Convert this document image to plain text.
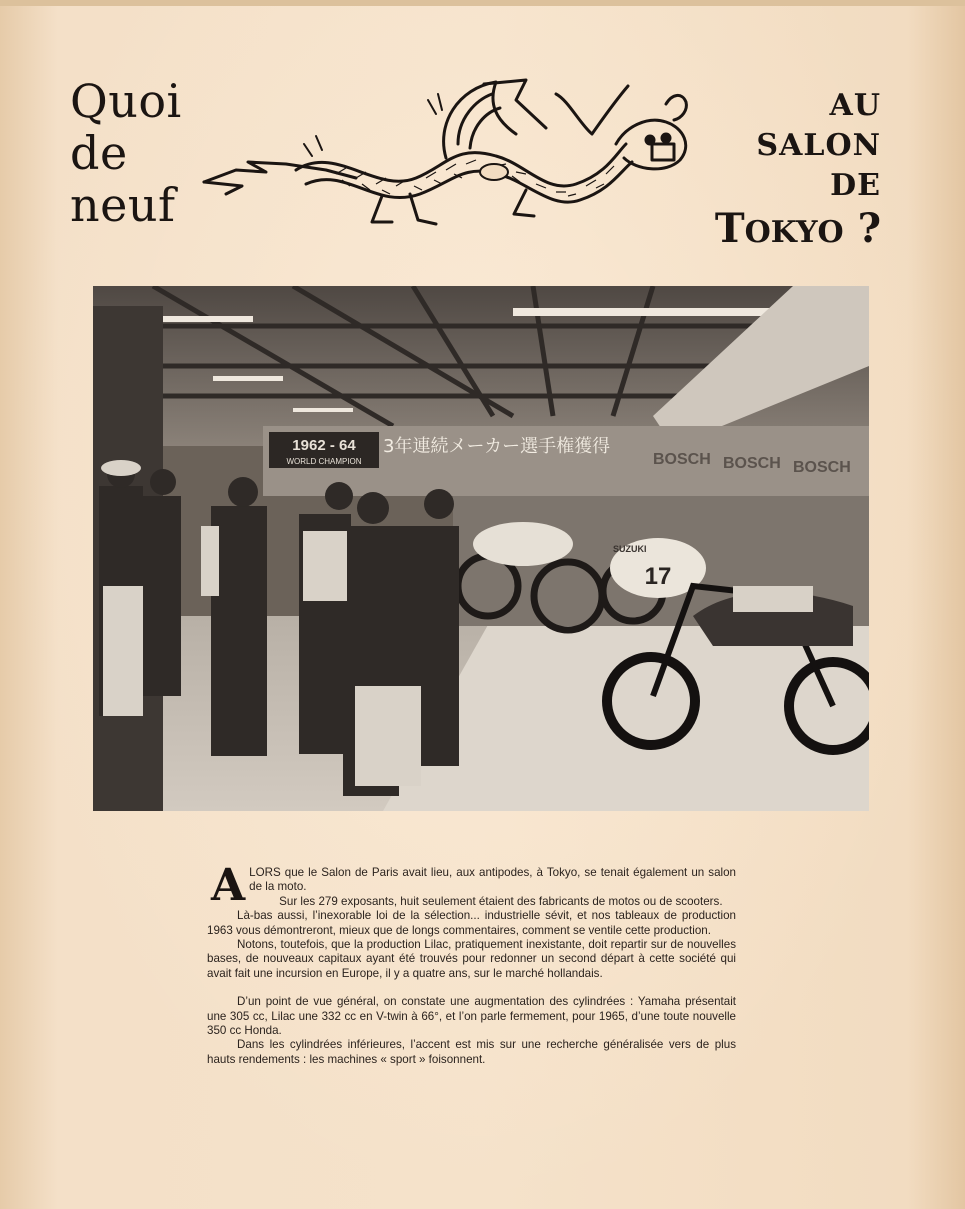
Quoi
de
neuf
AU
SALON
DE
TOKYO ?
1962 - 64
WORLD CHAMPION
3年連続メーカー選手権獲得
BOSCH BOSCH BOSCH
SUZUKI
17

ALORS que le Salon de Paris avait lieu, aux antipodes, à Tokyo, se tenait également un salon de la moto.

Sur les 279 exposants, huit seulement étaient des fabricants de motos ou de scooters.

Là-bas aussi, l’inexorable loi de la sélection... industrielle sévit, et nos tableaux de production 1963 vous démontreront, mieux que de longs commentaires, comment se ventile cette production.

Notons, toutefois, que la production Lilac, pratiquement inexistante, doit repartir sur de nouvelles bases, de nouveaux capitaux ayant été trouvés pour redonner un second départ à cette société qui avait fait une incursion en Europe, il y a quatre ans, sur le marché hollandais.

D’un point de vue général, on constate une augmentation des cylindrées : Yamaha présentait une 305 cc, Lilac une 332 cc en V-twin à 66°, et l’on parle fermement, pour 1965, d’une toute nouvelle 350 cc Honda.

Dans les cylindrées inférieures, l’accent est mis sur une recherche généralisée vers de plus hauts rendements : les machines « sport » foisonnent.
